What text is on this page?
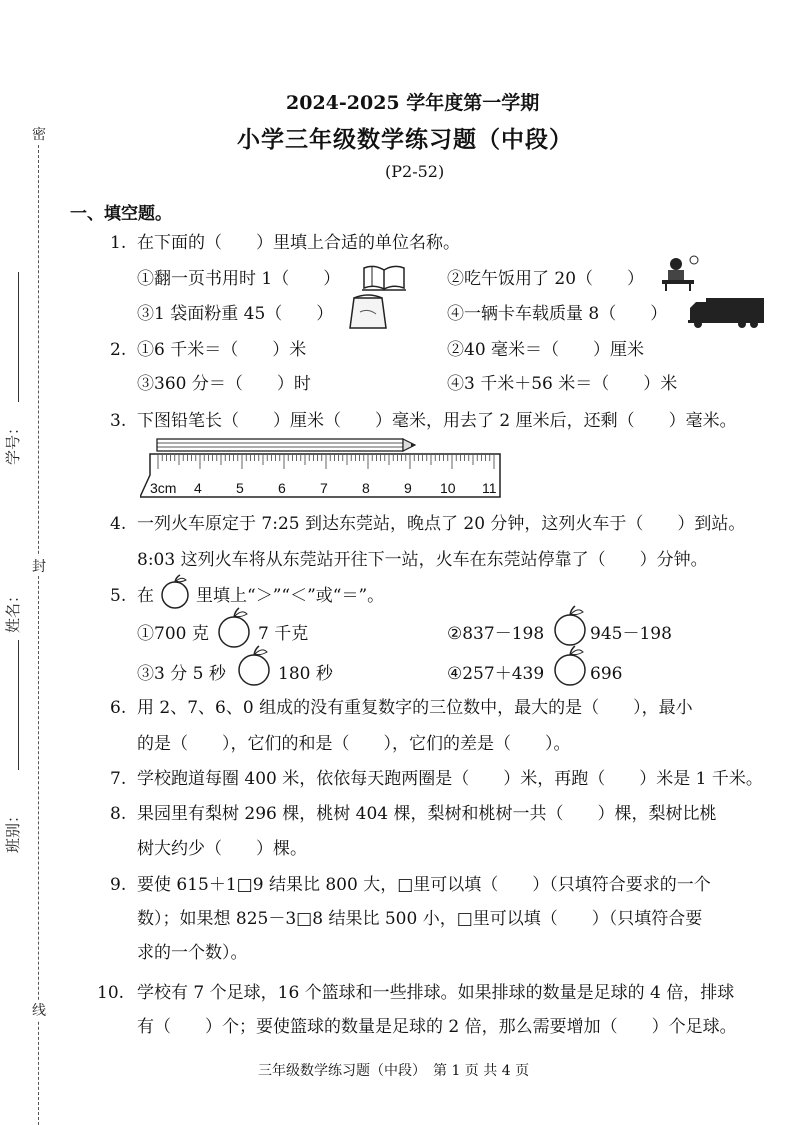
密
封
线
学号：
姓名：
班别：
2024-2025 学年度第一学期
小学三年级数学练习题（中段）
(P2-52)
一、填空题。
1. 在下面的（　　）里填上合适的单位名称。
①翻一页书用时 1（　　）	②吃午饭用了 20（　　）
③1 袋面粉重 45（　　）	④一辆卡车载质量 8（　　）
2. ①6 千米＝（　　）米	②40 毫米＝（　　）厘米
③360 分＝（　　）时	④3 千米＋56 米＝（　　）米
3. 下图铅笔长（　　）厘米（　　）毫米，用去了 2 厘米后，还剩（　　）毫米。
3cm 4 5 6 7 8 9 10 11
4. 一列火车原定于 7:25 到达东莞站，晚点了 20 分钟，这列火车于（　　）到站。
8:03 这列火车将从东莞站开往下一站，火车在东莞站停靠了（　　）分钟。
5. 在 里填上“＞”“＜”或“＝”。
①700 克	7 千克	②837－198	945－198
③3 分 5 秒	180 秒	④257＋439	696
6. 用 2、7、6、0 组成的没有重复数字的三位数中，最大的是（　　），最小
的是（　　），它们的和是（　　），它们的差是（　　）。
7. 学校跑道每圈 400 米，依依每天跑两圈是（　　）米，再跑（　　）米是 1 千米。
8. 果园里有梨树 296 棵，桃树 404 棵，梨树和桃树一共（　　）棵，梨树比桃
树大约少（　　）棵。
9. 要使 615＋1□9 结果比 800 大，□里可以填（　　）（只填符合要求的一个
数）；如果想 825－3□8 结果比 500 小，□里可以填（　　）（只填符合要
求的一个数）。
10. 学校有 7 个足球，16 个篮球和一些排球。如果排球的数量是足球的 4 倍，排球
有（　　）个；要使篮球的数量是足球的 2 倍，那么需要增加（　　）个足球。
三年级数学练习题（中段）　第 1 页 共 4 页
